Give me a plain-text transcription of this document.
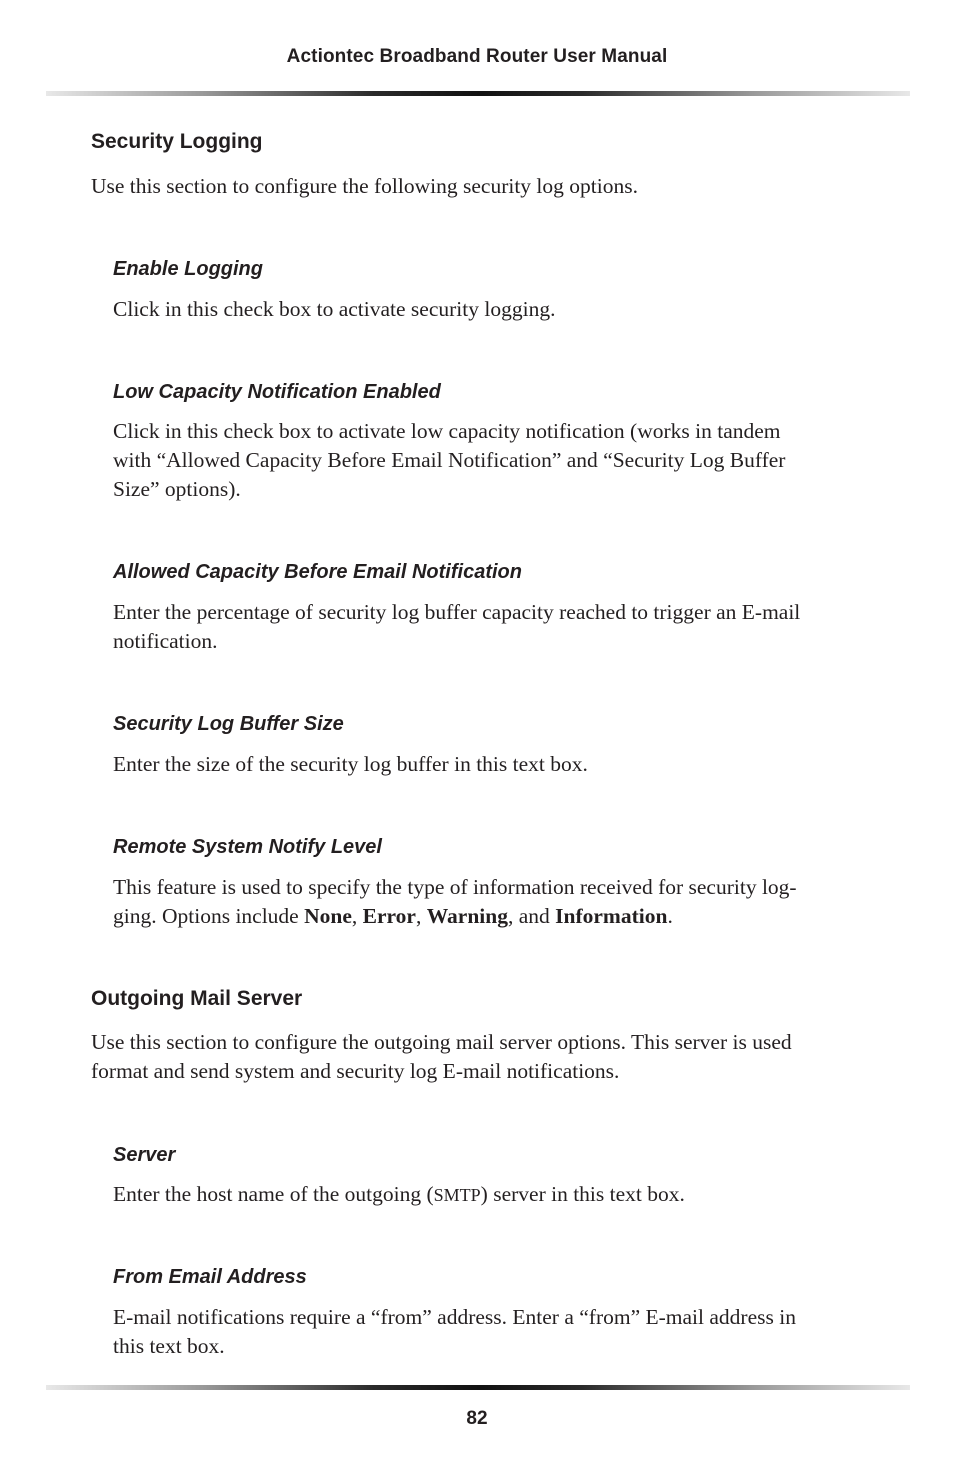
Actiontec Broadband Router User Manual
Security Logging

Use this section to configure the following security log options.

Enable Logging

Click in this check box to activate security logging.

Low Capacity Notification Enabled
Click in this check box to activate low capacity notification (works in tandem
with “Allowed Capacity Before Email Notification” and “Security Log Buffer
Size” options).
Allowed Capacity Before Email Notification
Enter the percentage of security log buffer capacity reached to trigger an E-mail
notification.
Security Log Buffer Size

Enter the size of the security log buffer in this text box.

Remote System Notify Level
This feature is used to specify the type of information received for security log-
ging. Options include None, Error, Warning, and Information.
Outgoing Mail Server
Use this section to configure the outgoing mail server options. This server is used
format and send system and security log E-mail notifications.
Server

Enter the host name of the outgoing (SMTP) server in this text box.

From Email Address
E-mail notifications require a “from” address. Enter a “from” E-mail address in
this text box.
82
